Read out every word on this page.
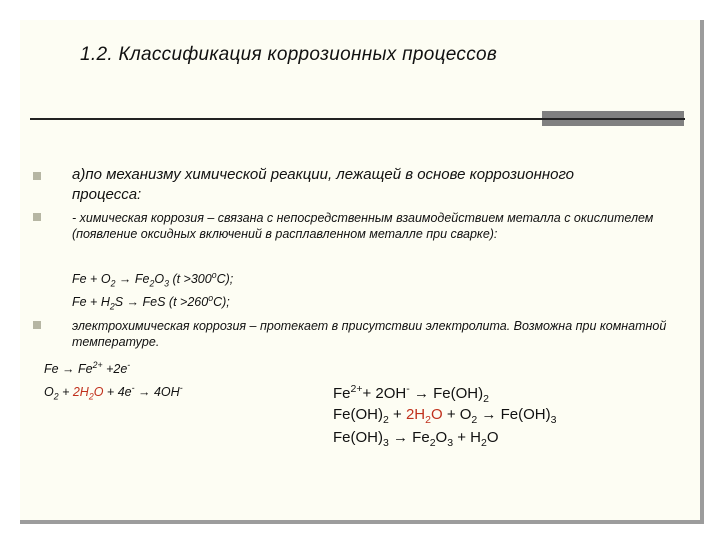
1.2. Классификация коррозионных процессов
а)по механизму химической реакции, лежащей в основе коррозионного процесса:
- химическая коррозия – связана с непосредственным взаимодействием металла с окислителем (появление оксидных включений в расплавленном металле при сварке):
$Fe + O_2 \to Fe_2O_3$ $(t >300^oC)$;
$Fe + H_2S$ → FeS $(t >260^oC)$;
электрохимическая коррозия – протекает в присутствии электролита. Возможна при комнатной температуре.
$Fe \to Fe^{2+} +2e^-$
$O_2 + 2H_2O + 4e^- \to 4OH^-$	$Fe^{2+}+ 2OH^- \to Fe(OH)_2$
$Fe(OH)_2 + 2H_2O + O_2 \to Fe(OH)_3$
$Fe(OH)_3 \to Fe_2O_3 + H_2O$
